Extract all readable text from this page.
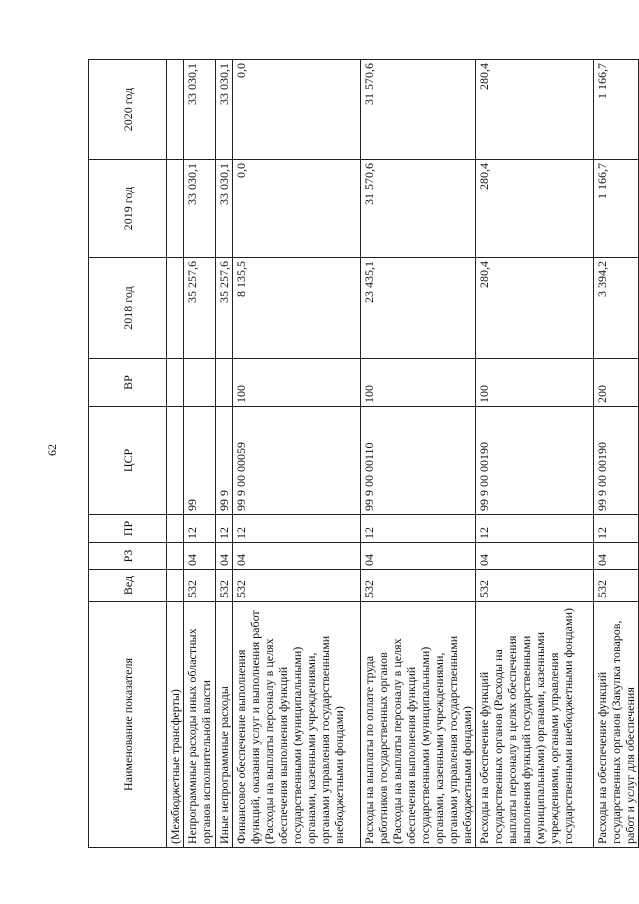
62
Наименование показателя	Вед	РЗ	ПР	ЦСР	ВР	2018 год	2019 год	2020 год
(Межбюджетные трансферты)								
Непрограммные расходы иных областных органов исполнительной власти	532	04	12	99		35 257,6	33 030,1	33 030,1
Иные непрограммные расходы	532	04	12	99 9		35 257,6	33 030,1	33 030,1
Финансовое обеспечение выполнения функций, оказания услуг и выполнения работ (Расходы на выплаты персоналу в целях обеспечения выполнения функций государственными (муниципальными) органами, казенными учреждениями, органами управления государственными внебюджетными фондами)	532	04	12	99 9 00 00059	100	8 135,5	0,0	0,0
Расходы на выплаты по оплате труда работников государственных органов (Расходы на выплаты персоналу в целях обеспечения выполнения функций государственными (муниципальными) органами, казенными учреждениями, органами управления государственными внебюджетными фондами)	532	04	12	99 9 00 00110	100	23 435,1	31 570,6	31 570,6
Расходы на обеспечение функций государственных органов (Расходы на выплаты персоналу в целях обеспечения выполнения функций государственными (муниципальными) органами, казенными учреждениями, органами управления государственными внебюджетными фондами)	532	04	12	99 9 00 00190	100	280,4	280,4	280,4
Расходы на обеспечение функций государственных органов (Закупка товаров, работ и услуг для обеспечения	532	04	12	99 9 00 00190	200	3 394,2	1 166,7	1 166,7
